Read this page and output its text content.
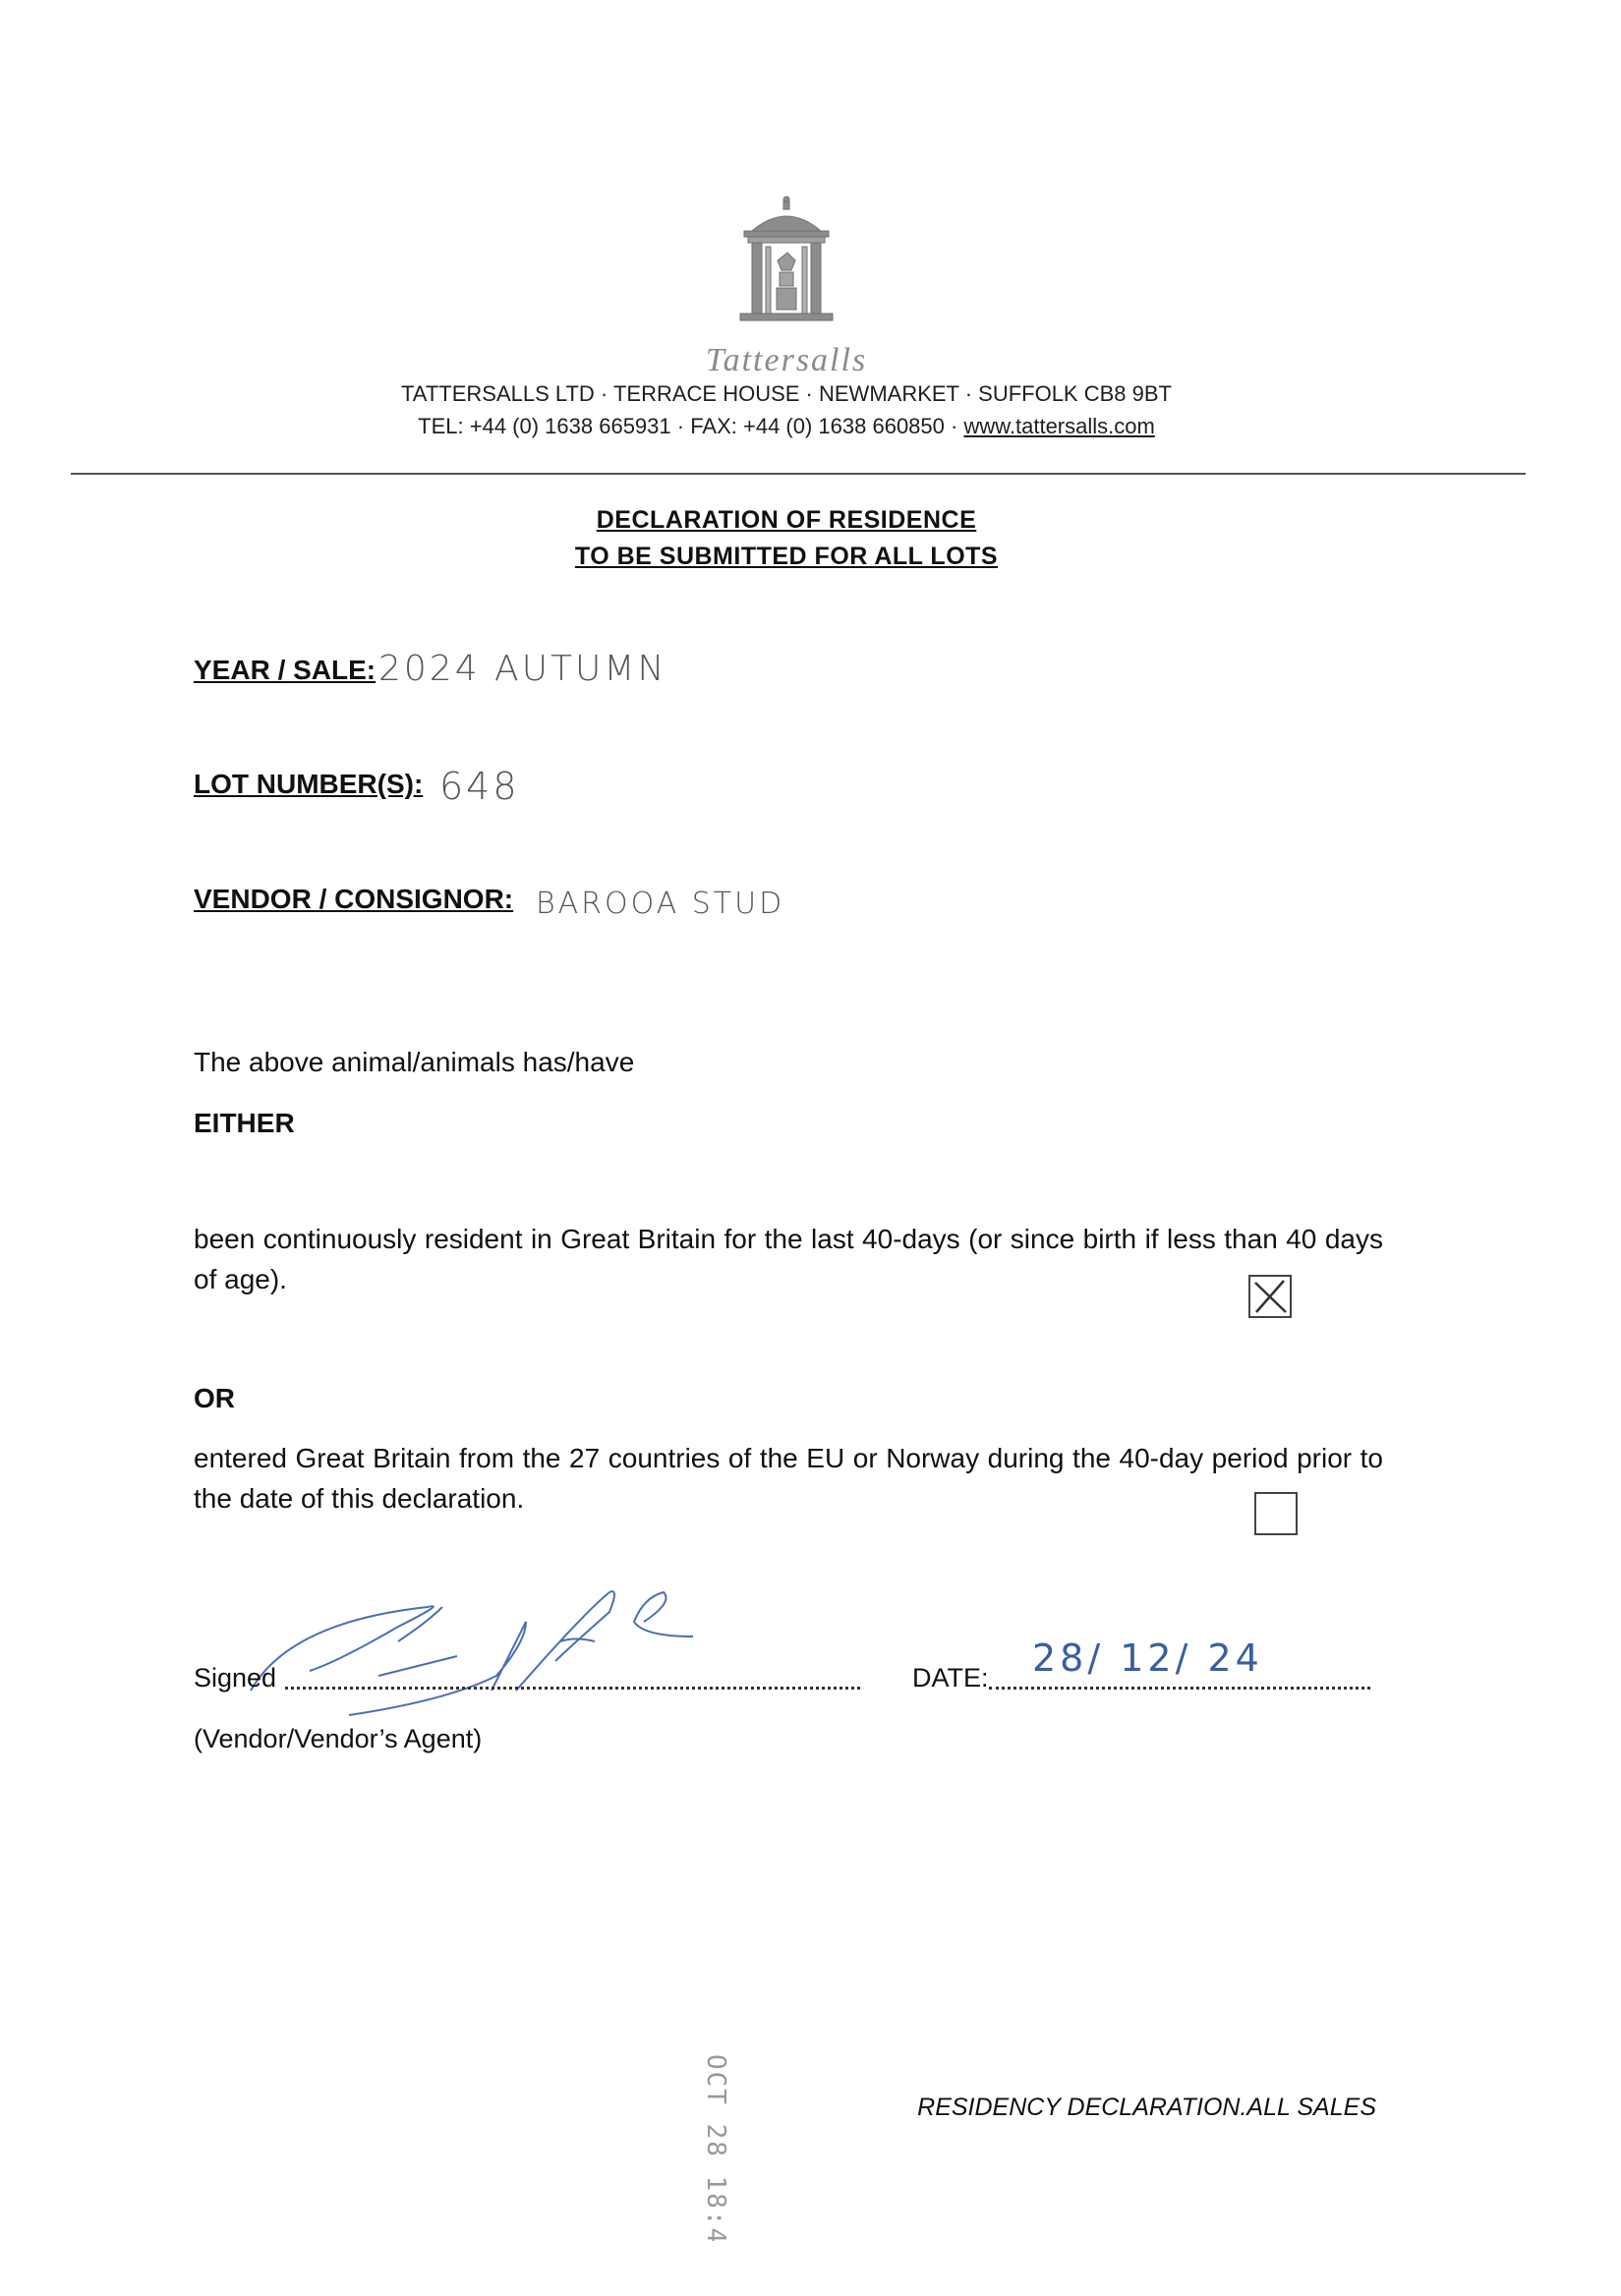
Tattersalls
TATTERSALLS LTD · TERRACE HOUSE · NEWMARKET · SUFFOLK CB8 9BT
TEL: +44 (0) 1638 665931 · FAX: +44 (0) 1638 660850 · www.tattersalls.com
DECLARATION OF RESIDENCE
TO BE SUBMITTED FOR ALL LOTS
YEAR / SALE: 2024 AUTUMN
LOT NUMBER(S): 648
VENDOR / CONSIGNOR: BAROOA STUD
The above animal/animals has/have
EITHER
been continuously resident in Great Britain for the last 40-days (or since birth if less than 40 days of age).
OR
entered Great Britain from the 27 countries of the EU or Norway during the 40-day period prior to the date of this declaration.
Signed	DATE: 28/ 12/ 24
(Vendor/Vendor’s Agent)
OCT 28 18:49	RESIDENCY DECLARATION.ALL SALES
